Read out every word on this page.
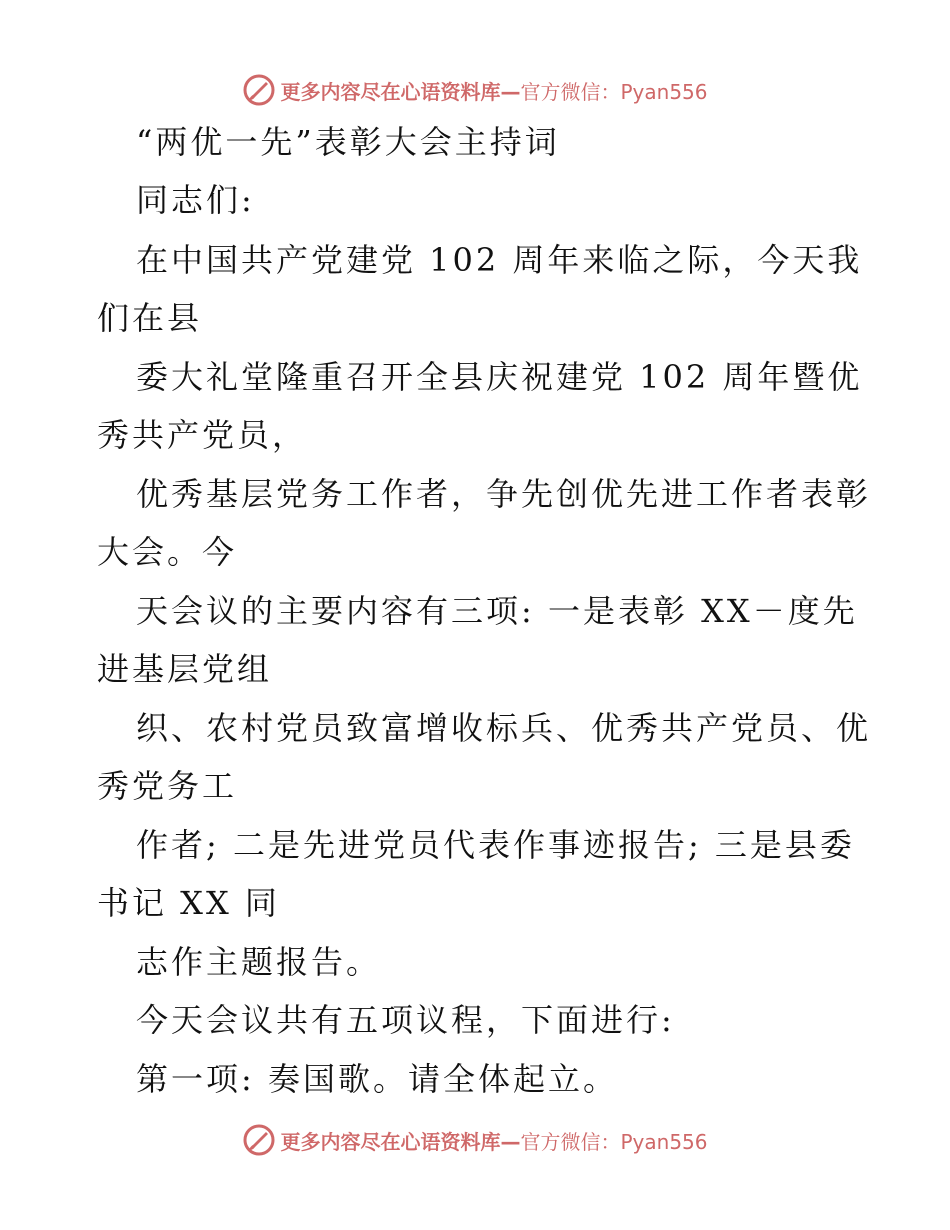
更多内容尽在心语资料库—官方微信：Pyan556
“两优一先”表彰大会主持词
同志们:
在中国共产党建党 102 周年来临之际，今天我
们在县
委大礼堂隆重召开全县庆祝建党 102 周年暨优
秀共产党员，
优秀基层党务工作者，争先创优先进工作者表彰
大会。今
天会议的主要内容有三项: 一是表彰 XX－度先
进基层党组
织、农村党员致富增收标兵、优秀共产党员、优
秀党务工
作者; 二是先进党员代表作事迹报告; 三是县委
书记 XX 同
志作主题报告。
今天会议共有五项议程，下面进行:
第一项: 奏国歌。请全体起立。
更多内容尽在心语资料库—官方微信：Pyan556
